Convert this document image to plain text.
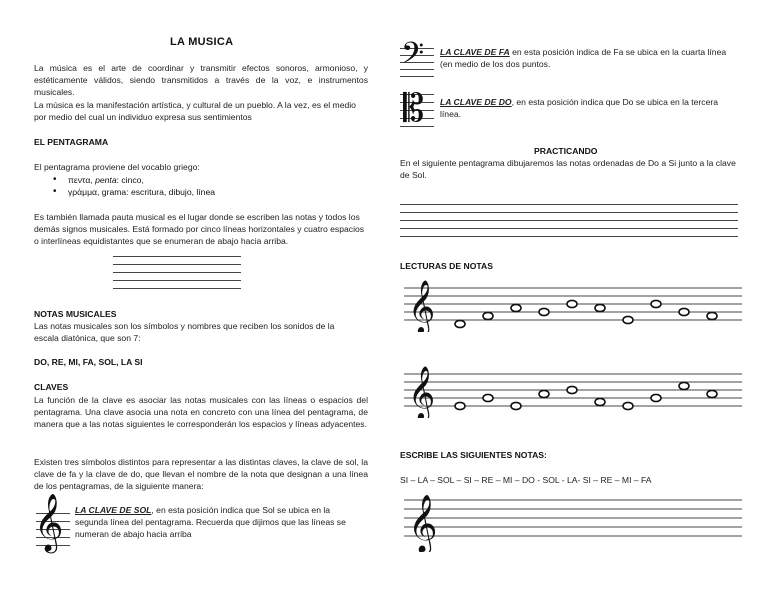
LA MUSICA
La música es el arte de coordinar y transmitir efectos sonoros, armonioso, y estéticamente válidos, siendo transmitidos a través de la voz, e instrumentos musicales.
La música es la manifestación artística, y cultural de un pueblo. A la vez, es el medio por medio del cual un individuo expresa sus sentimientos
EL PENTAGRAMA
El pentagrama proviene del vocablo griego:
• πεντα, penta: cinco,
• γράμμα, grama: escritura, dibujo, línea
Es también llamada pauta musical es el lugar donde se escriben las notas y todos los demás signos musicales. Está formado por cinco líneas horizontales y cuatro espacios o interlíneas equidistantes que se enumeran de abajo hacia arriba.
NOTAS MUSICALES
Las notas musicales son los símbolos y nombres que reciben los sonidos de la escala diatónica, que son 7:
DO, RE, MI, FA, SOL, LA SI
CLAVES
La función de la clave es asociar las notas musicales con las líneas o espacios del pentagrama. Una clave asocia una nota en concreto con una línea del pentagrama, de manera que a las notas siguientes le corresponderán los espacios y líneas adyacentes.
Existen tres símbolos distintos para representar a las distintas claves, la clave de sol, la clave de fa y la clave de do, que llevan el nombre de la nota que designan a una línea de los pentagramas, de la siguiente manera:
𝄞 LA CLAVE DE SOL, en esta posición indica que Sol se ubica en la segunda línea del pentagrama. Recuerda que dijimos que las líneas se numeran de abajo hacia arriba
𝄢 LA CLAVE DE FA en esta posición indica de Fa se ubica en la cuarta línea (en medio de los dos puntos.
𝄡 LA CLAVE DE DO, en esta posición indica que Do se ubica en la tercera línea.
PRACTICANDO
En el siguiente pentagrama dibujaremos las notas ordenadas de Do a Si junto a la clave de Sol.
LECTURAS DE NOTAS
𝄞
𝄞
ESCRIBE LAS SIGUIENTES NOTAS:
SI – LA – SOL – SI – RE – MI – DO - SOL - LA- SI – RE – MI – FA
𝄞
